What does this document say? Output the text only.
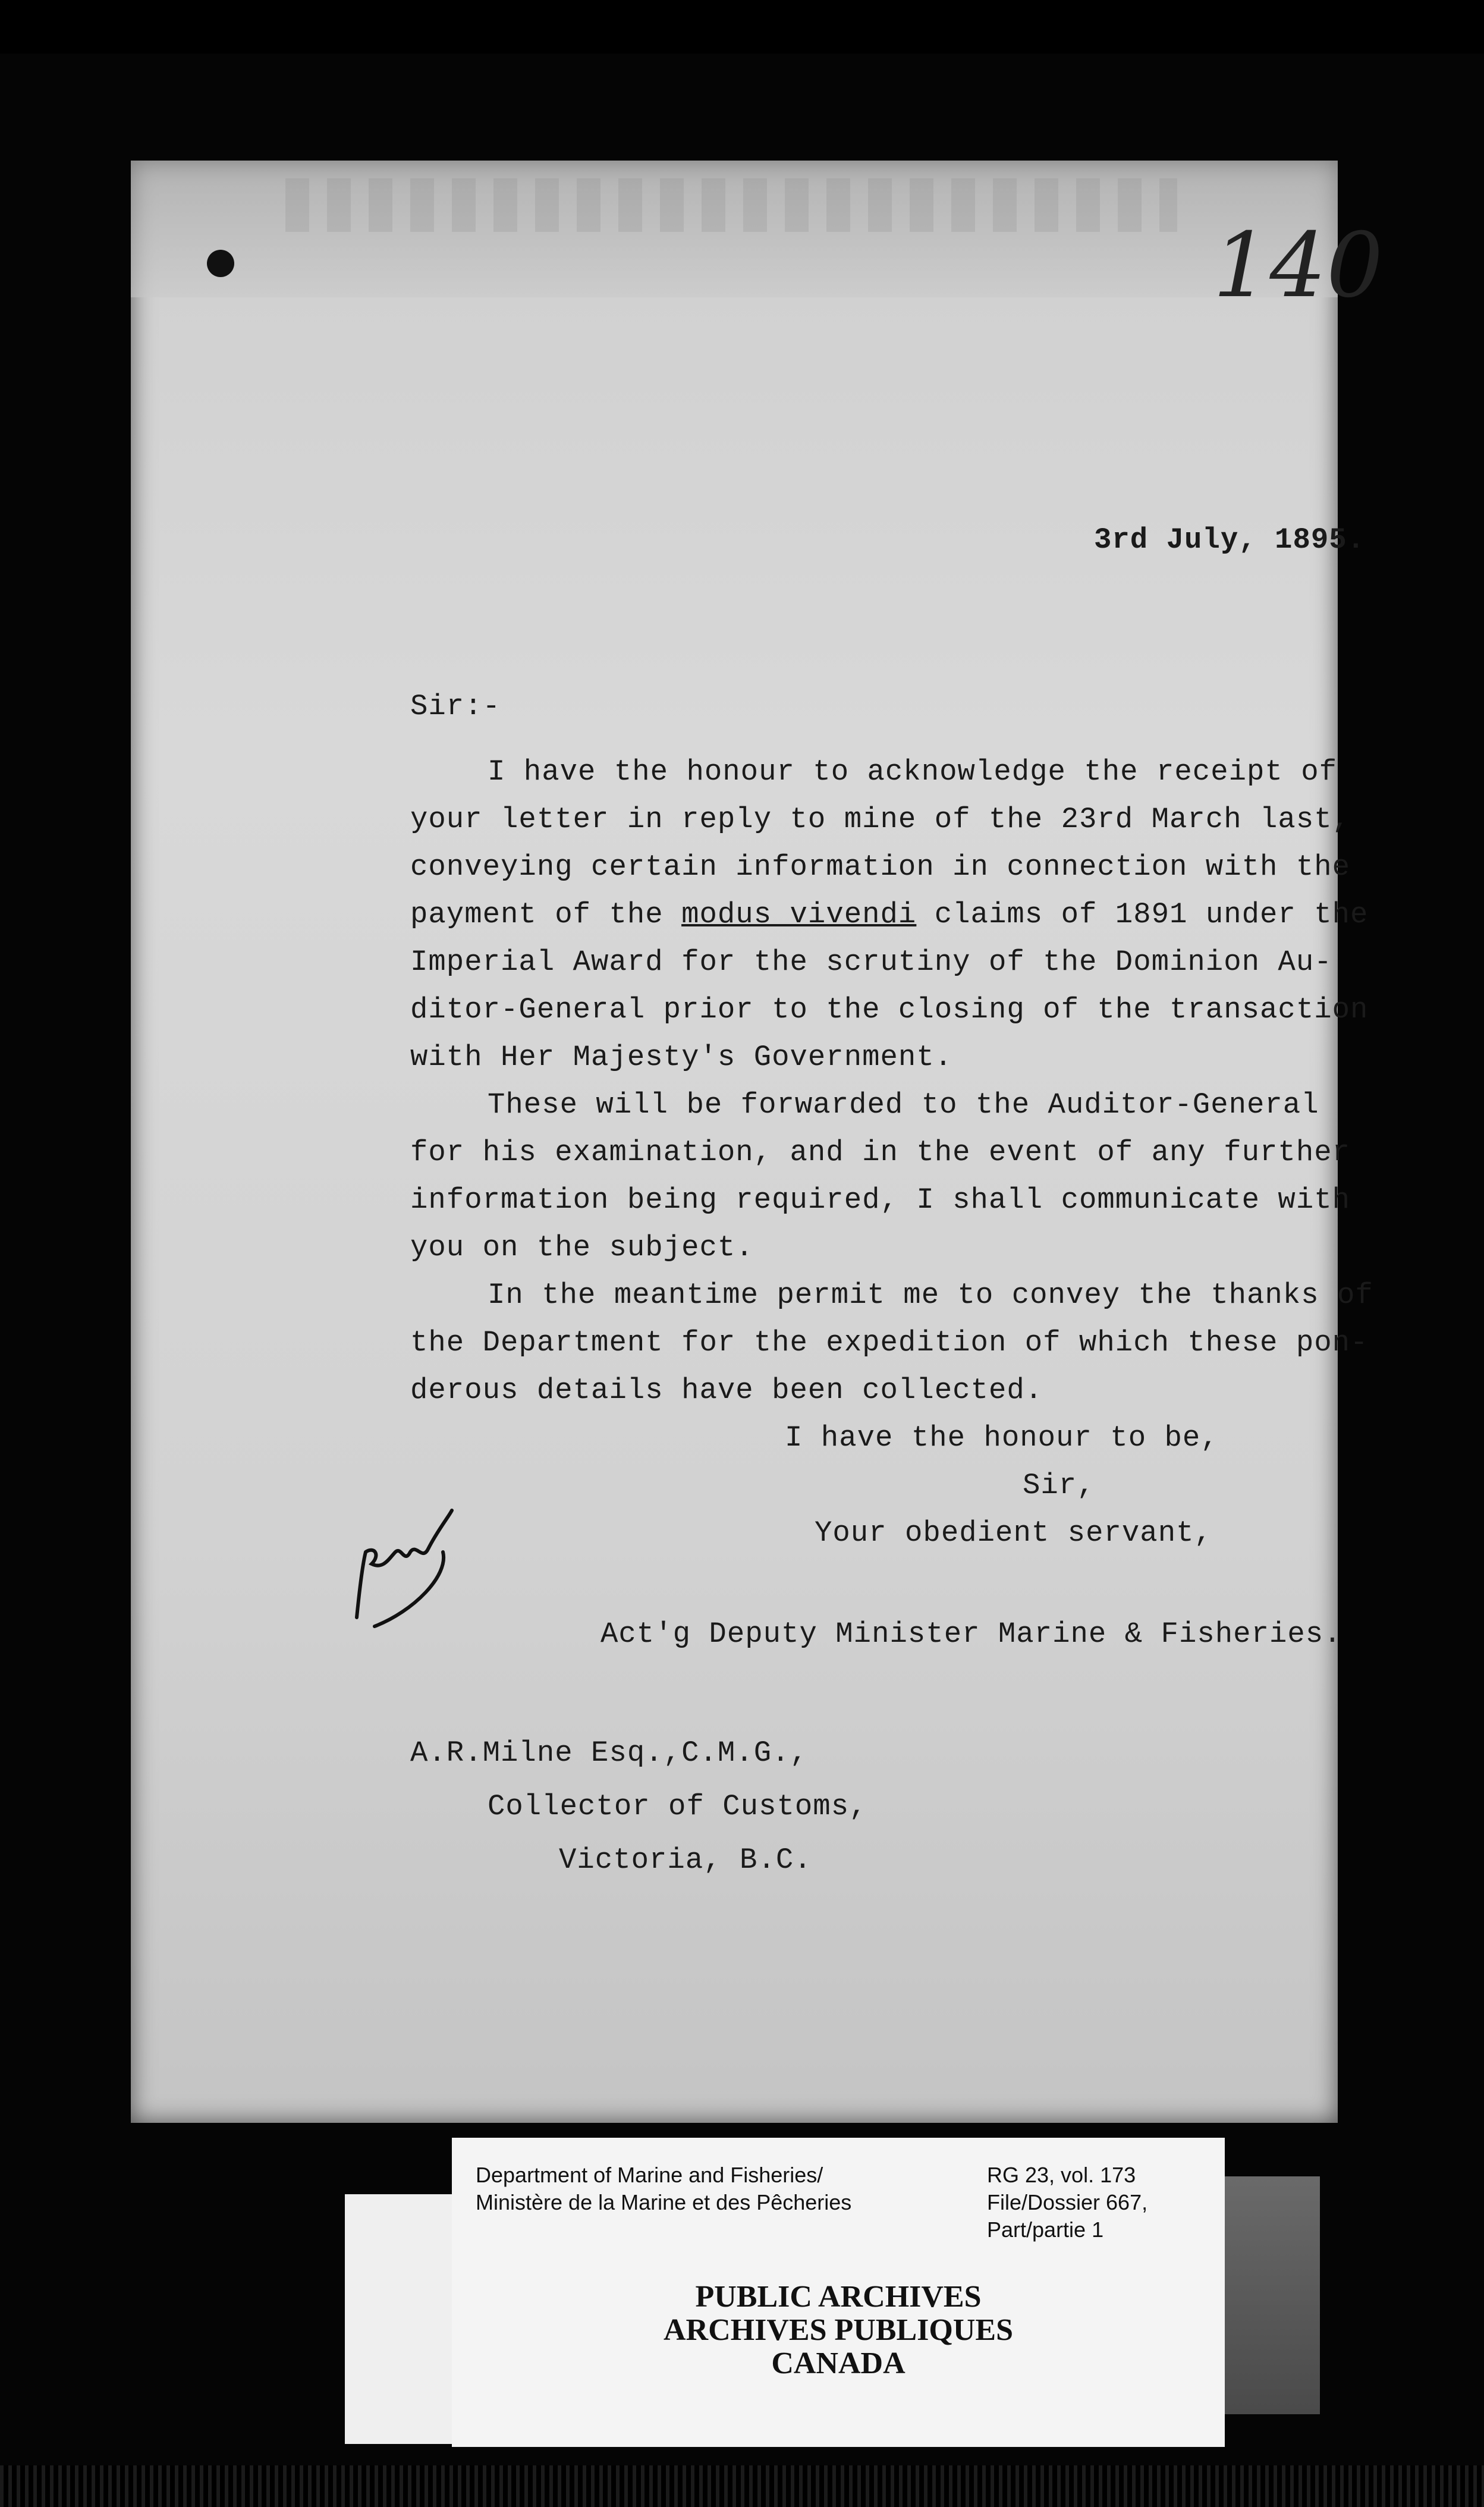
140
3rd July, 1895.
Sir:-
I have the honour to acknowledge the receipt of
your letter in reply to mine of the 23rd March last,
conveying certain information in connection with the
payment of the modus vivendi claims of 1891 under the
Imperial Award for the scrutiny of the Dominion Au-
ditor-General prior to the closing of the transaction
with Her Majesty's Government.
These will be forwarded to the Auditor-General
for his examination, and in the event of any further
information being required, I shall communicate with
you on the subject.
In the meantime permit me to convey the thanks of
the Department for the expedition of which these pon-
derous details have been collected.
I have the honour to be,
Sir,
Your obedient servant,
Act'g Deputy Minister Marine & Fisheries.
A.R.Milne Esq.,C.M.G.,
Collector of Customs,
Victoria, B.C.
Department of Marine and Fisheries/
Ministère de la Marine et des Pêcheries
RG 23, vol. 173
File/Dossier 667,
Part/partie 1
PUBLIC ARCHIVES
ARCHIVES PUBLIQUES
CANADA
